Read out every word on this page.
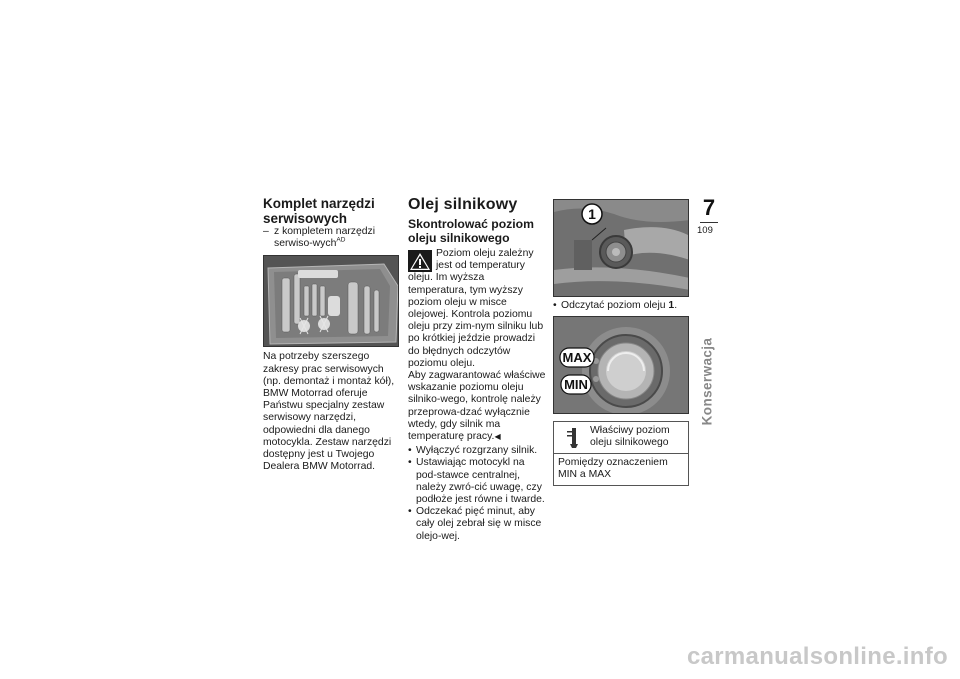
Komplet narzędzi serwisowych

– z kompletem narzędzi serwiso-wych$^{AD}$

Na potrzeby szerszego zakresy prac serwisowych (np. demontaż i montaż kół), BMW Motorrad oferuje Państwu specjalny zestaw serwisowy narzędzi, odpowiedni dla danego motocykla. Zestaw narzędzi dostępny jest u Twojego Dealera BMW Motorrad.

Olej silnikowy
Skontrolować poziom oleju silnikowego

Poziom oleju zależny jest od temperatury oleju. Im wyższa temperatura, tym wyższy poziom oleju w misce olejowej. Kontrola poziomu oleju przy zim-nym silniku lub po krótkiej jeździe prowadzi do błędnych odczytów poziomu oleju.

Aby zagwarantować właściwe wskazanie poziomu oleju silniko-wego, kontrolę należy przeprowa-dzać wyłącznie wtedy, gdy silnik ma temperaturę pracy.◀

• Wyłączyć rozgrzany silnik.
• Ustawiając motocykl na pod-stawce centralnej, należy zwró-cić uwagę, czy podłoże jest równe i twarde.
• Odczekać pięć minut, aby cały olej zebrał się w misce olejo-wej.
1
• Odczytać poziom oleju 1.
MAX
MIN
Właściwy poziom oleju silnikowego
Pomiędzy oznaczeniem MIN a MAX
7
109
Konserwacja
carmanualsonline.info
